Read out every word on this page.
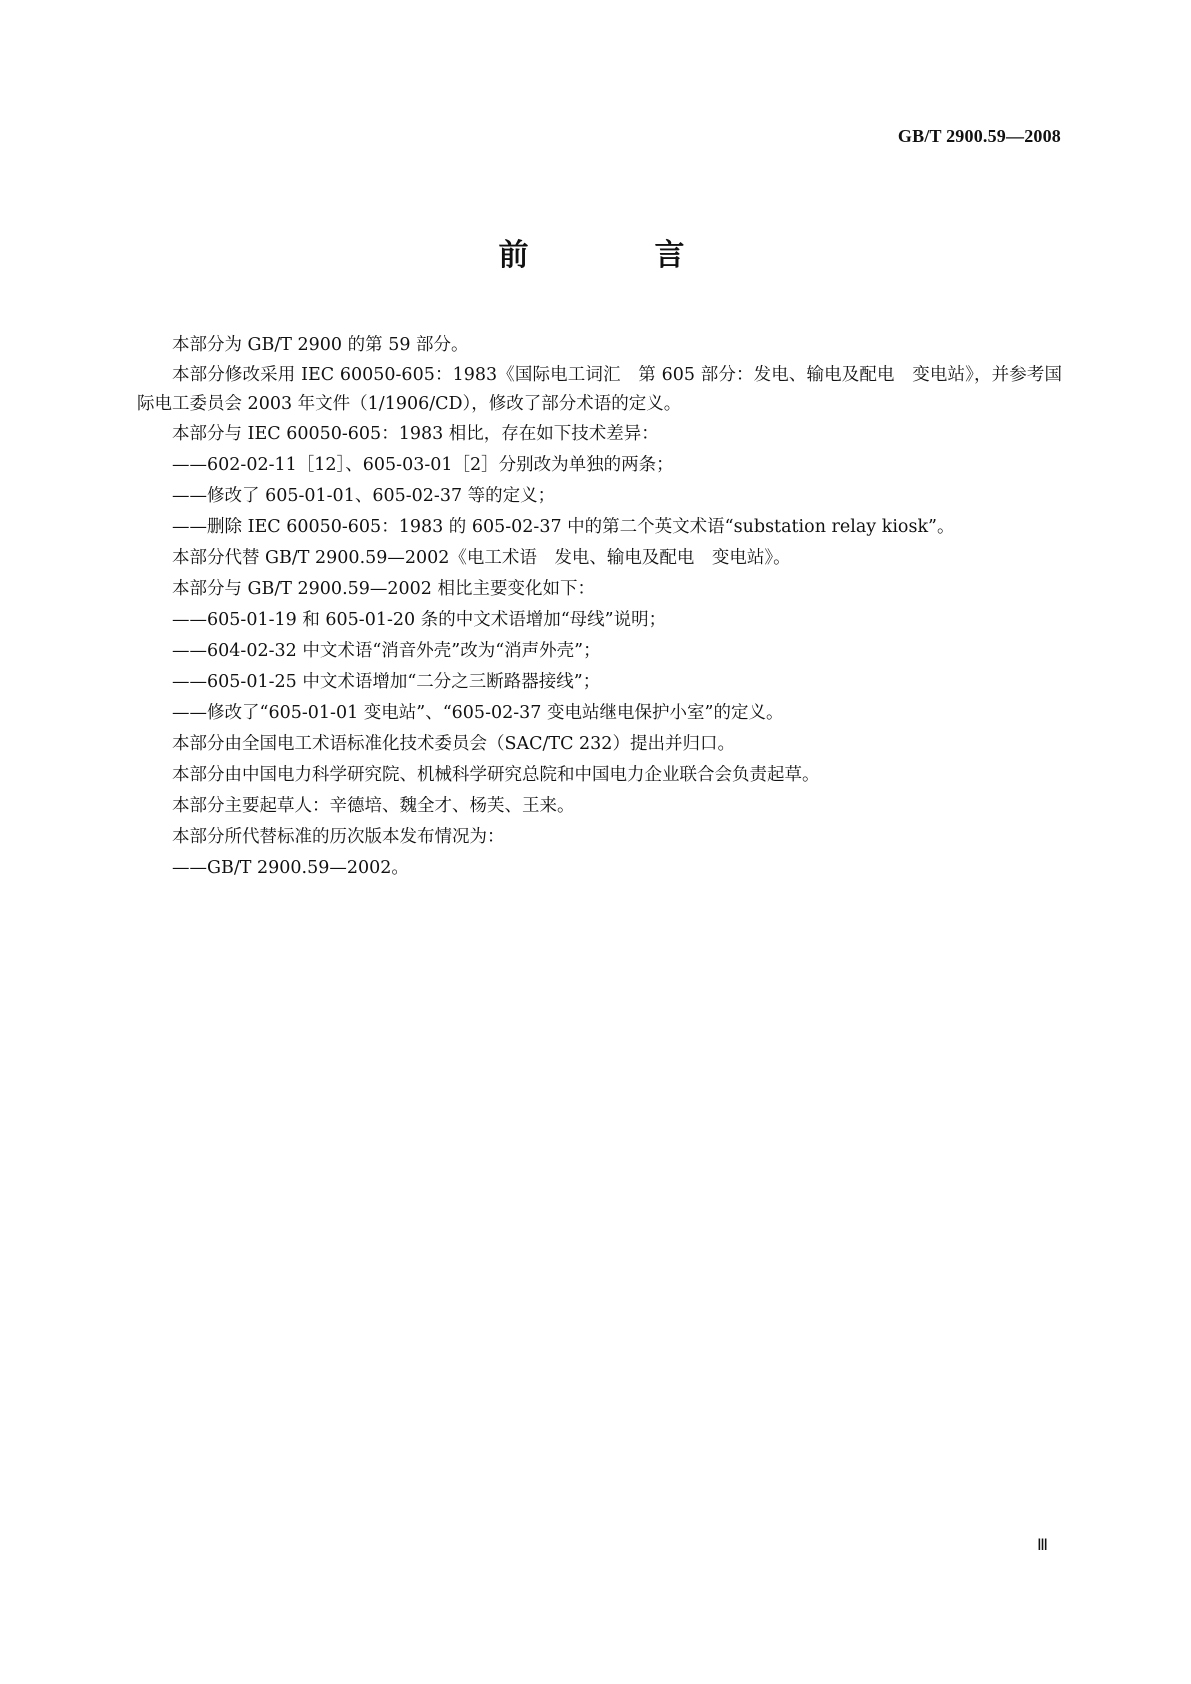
GB/T 2900.59—2008
前　言

本部分为 GB/T 2900 的第 59 部分。

本部分修改采用 IEC 60050-605：1983《国际电工词汇　第 605 部分：发电、输电及配电　变电站》，并参考国际电工委员会 2003 年文件（1/1906/CD），修改了部分术语的定义。

本部分与 IEC 60050-605：1983 相比，存在如下技术差异：

——602-02-11［12］、605-03-01［2］分别改为单独的两条；

——修改了 605-01-01、605-02-37 等的定义；

——删除 IEC 60050-605：1983 的 605-02-37 中的第二个英文术语“substation relay kiosk”。

本部分代替 GB/T 2900.59—2002《电工术语　发电、输电及配电　变电站》。

本部分与 GB/T 2900.59—2002 相比主要变化如下：

——605-01-19 和 605-01-20 条的中文术语增加“母线”说明；

——604-02-32 中文术语“消音外壳”改为“消声外壳”；

——605-01-25 中文术语增加“二分之三断路器接线”；

——修改了“605-01-01 变电站”、“605-02-37 变电站继电保护小室”的定义。

本部分由全国电工术语标准化技术委员会（SAC/TC 232）提出并归口。

本部分由中国电力科学研究院、机械科学研究总院和中国电力企业联合会负责起草。

本部分主要起草人：辛德培、魏全才、杨芙、王来。

本部分所代替标准的历次版本发布情况为：

——GB/T 2900.59—2002。

Ⅲ
